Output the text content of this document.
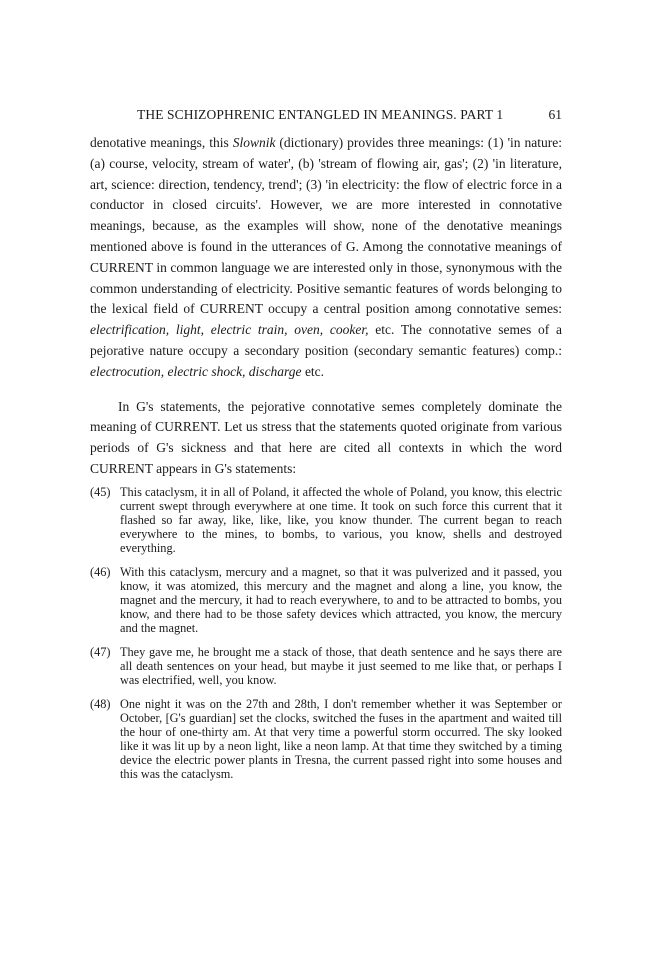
THE SCHIZOPHRENIC ENTANGLED IN MEANINGS. PART 1	61

denotative meanings, this Slownik (dictionary) provides three meanings: (1) 'in nature: (a) course, velocity, stream of water', (b) 'stream of flowing air, gas'; (2) 'in literature, art, science: direction, tendency, trend'; (3) 'in electricity: the flow of electric force in a conductor in closed circuits'. However, we are more interested in connotative meanings, because, as the examples will show, none of the denotative meanings mentioned above is found in the utterances of G. Among the connotative meanings of CURRENT in common language we are interested only in those, synonymous with the common understanding of electricity. Positive semantic features of words belonging to the lexical field of CURRENT occupy a central position among connotative semes: electrification, light, electric train, oven, cooker, etc. The connotative semes of a pejorative nature occupy a secondary position (secondary semantic features) comp.: electrocution, electric shock, discharge etc.

In G's statements, the pejorative connotative semes completely dominate the meaning of CURRENT. Let us stress that the statements quoted originate from various periods of G's sickness and that here are cited all contexts in which the word CURRENT appears in G's statements:

(45) This cataclysm, it in all of Poland, it affected the whole of Poland, you know, this electric current swept through everywhere at one time. It took on such force this current that it flashed so far away, like, like, like, you know thunder. The current began to reach everywhere to the mines, to bombs, to various, you know, shells and destroyed everything.
(46) With this cataclysm, mercury and a magnet, so that it was pulverized and it passed, you know, it was atomized, this mercury and the magnet and along a line, you know, the magnet and the mercury, it had to reach everywhere, to and to be attracted to bombs, you know, and there had to be those safety devices which attracted, you know, the mercury and the magnet.
(47) They gave me, he brought me a stack of those, that death sentence and he says there are all death sentences on your head, but maybe it just seemed to me like that, or perhaps I was electrified, well, you know.
(48) One night it was on the 27th and 28th, I don't remember whether it was September or October, [G's guardian] set the clocks, switched the fuses in the apartment and waited till the hour of one-thirty am. At that very time a powerful storm occurred. The sky looked like it was lit up by a neon light, like a neon lamp. At that time they switched by a timing device the electric power plants in Tresna, the current passed right into some houses and this was the cataclysm.
